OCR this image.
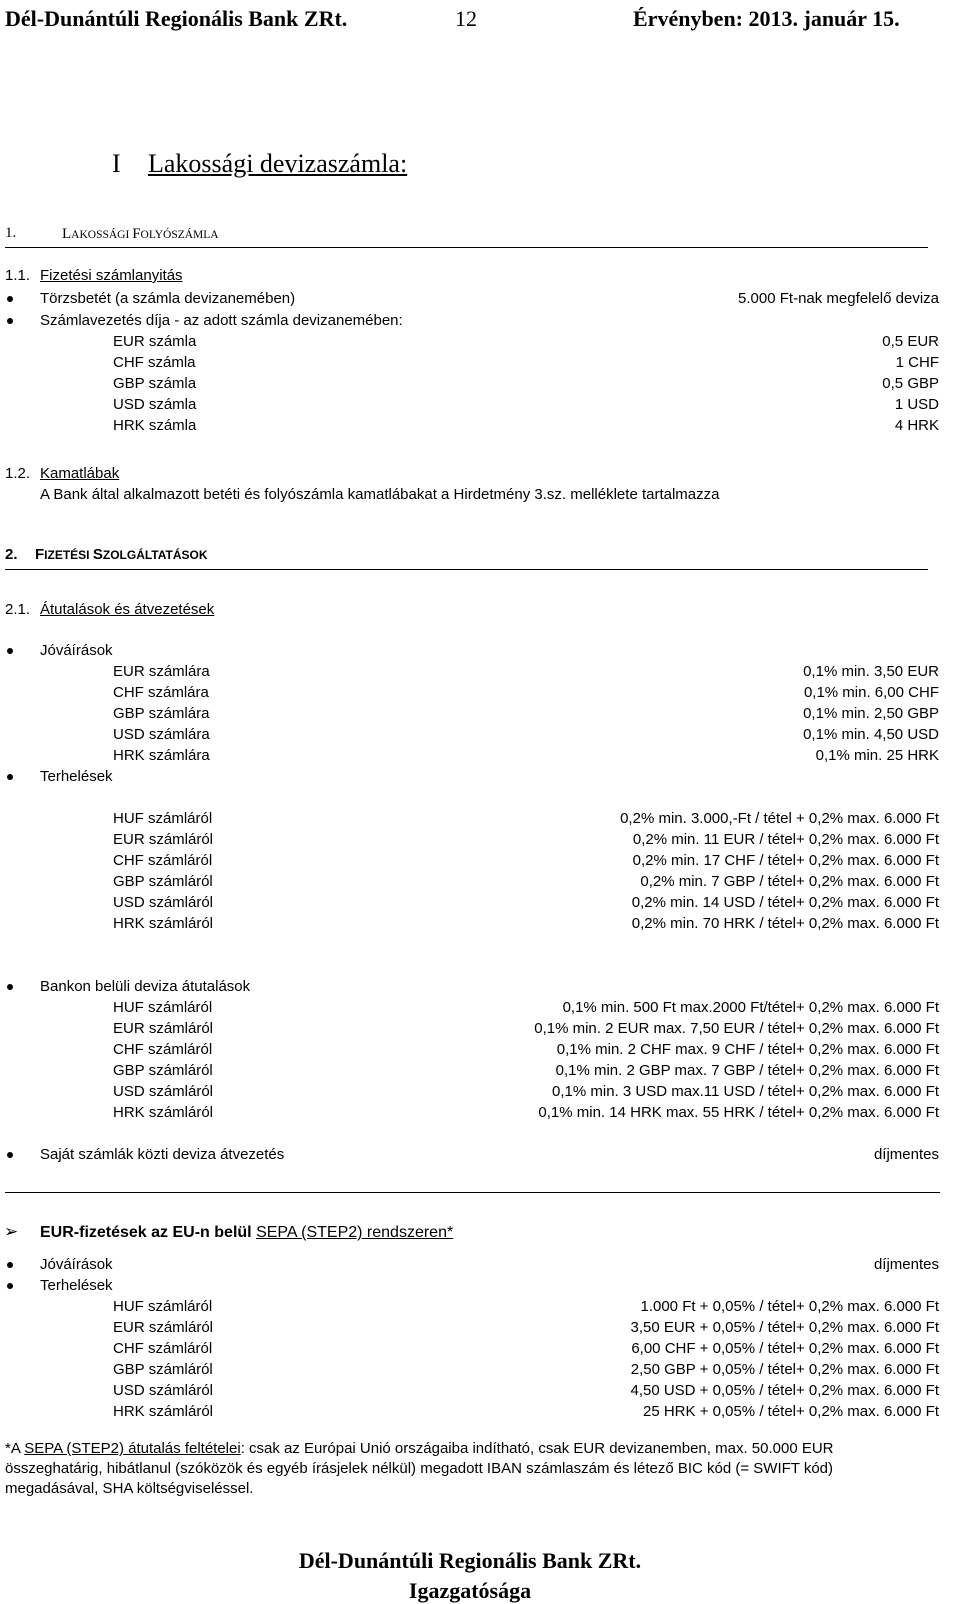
Dél-Dunántúli Regionális Bank ZRt.	12	Érvényben: 2013. január 15.
I Lakossági devizaszámla:
1.	LAKOSSÁGI FOLYÓSZÁMLA
1.1. Fizetési számlanyitás
Törzsbetét (a számla devizanemében)	5.000 Ft-nak megfelelő deviza
Számlavezetés díja - az adott számla devizanemében:
EUR számla	0,5 EUR
CHF számla	1 CHF
GBP számla	0,5 GBP
USD számla	1 USD
HRK számla	4 HRK
1.2. Kamatlábak
A Bank által alkalmazott betéti és folyószámla kamatlábakat a Hirdetmény 3.sz. melléklete tartalmazza
2. FIZETÉSI SZOLGÁLTATÁSOK
2.1. Átutalások és átvezetések
Jóváírások
EUR számlára	0,1% min. 3,50 EUR
CHF számlára	0,1% min. 6,00 CHF
GBP számlára	0,1% min. 2,50 GBP
USD számlára	0,1% min. 4,50 USD
HRK számlára	0,1% min. 25 HRK
Terhelések
HUF számláról	0,2% min. 3.000,-Ft / tétel + 0,2% max. 6.000 Ft
EUR számláról	0,2% min. 11 EUR / tétel+ 0,2% max. 6.000 Ft
CHF számláról	0,2% min. 17 CHF / tétel+ 0,2% max. 6.000 Ft
GBP számláról	0,2% min. 7 GBP / tétel+ 0,2% max. 6.000 Ft
USD számláról	0,2% min. 14 USD / tétel+ 0,2% max. 6.000 Ft
HRK számláról	0,2% min. 70 HRK / tétel+ 0,2% max. 6.000 Ft
Bankon belüli deviza átutalások
HUF számláról	0,1% min. 500 Ft max.2000 Ft/tétel+ 0,2% max. 6.000 Ft
EUR számláról	0,1% min. 2 EUR max. 7,50 EUR / tétel+ 0,2% max. 6.000 Ft
CHF számláról	0,1% min. 2 CHF max. 9 CHF / tétel+ 0,2% max. 6.000 Ft
GBP számláról	0,1% min. 2 GBP max. 7 GBP / tétel+ 0,2% max. 6.000 Ft
USD számláról	0,1% min. 3 USD max.11 USD / tétel+ 0,2% max. 6.000 Ft
HRK számláról	0,1% min. 14 HRK max. 55 HRK / tétel+ 0,2% max. 6.000 Ft
Saját számlák közti deviza átvezetés	díjmentes
➢ EUR-fizetések az EU-n belül SEPA (STEP2) rendszeren*
Jóváírások	díjmentes
Terhelések
HUF számláról	1.000 Ft + 0,05% / tétel+ 0,2% max. 6.000 Ft
EUR számláról	3,50 EUR + 0,05% / tétel+ 0,2% max. 6.000 Ft
CHF számláról	6,00 CHF + 0,05% / tétel+ 0,2% max. 6.000 Ft
GBP számláról	2,50 GBP + 0,05% / tétel+ 0,2% max. 6.000 Ft
USD számláról	4,50 USD + 0,05% / tétel+ 0,2% max. 6.000 Ft
HRK számláról	25 HRK + 0,05% / tétel+ 0,2% max. 6.000 Ft
*A SEPA (STEP2) átutalás feltételei: csak az Európai Unió országaiba indítható, csak EUR devizanemben, max. 50.000 EUR
összeghatárig, hibátlanul (szóközök és egyéb írásjelek nélkül) megadott IBAN számlaszám és létező BIC kód (= SWIFT kód)
megadásával, SHA költségviseléssel.
Dél-Dunántúli Regionális Bank ZRt.
Igazgatósága
